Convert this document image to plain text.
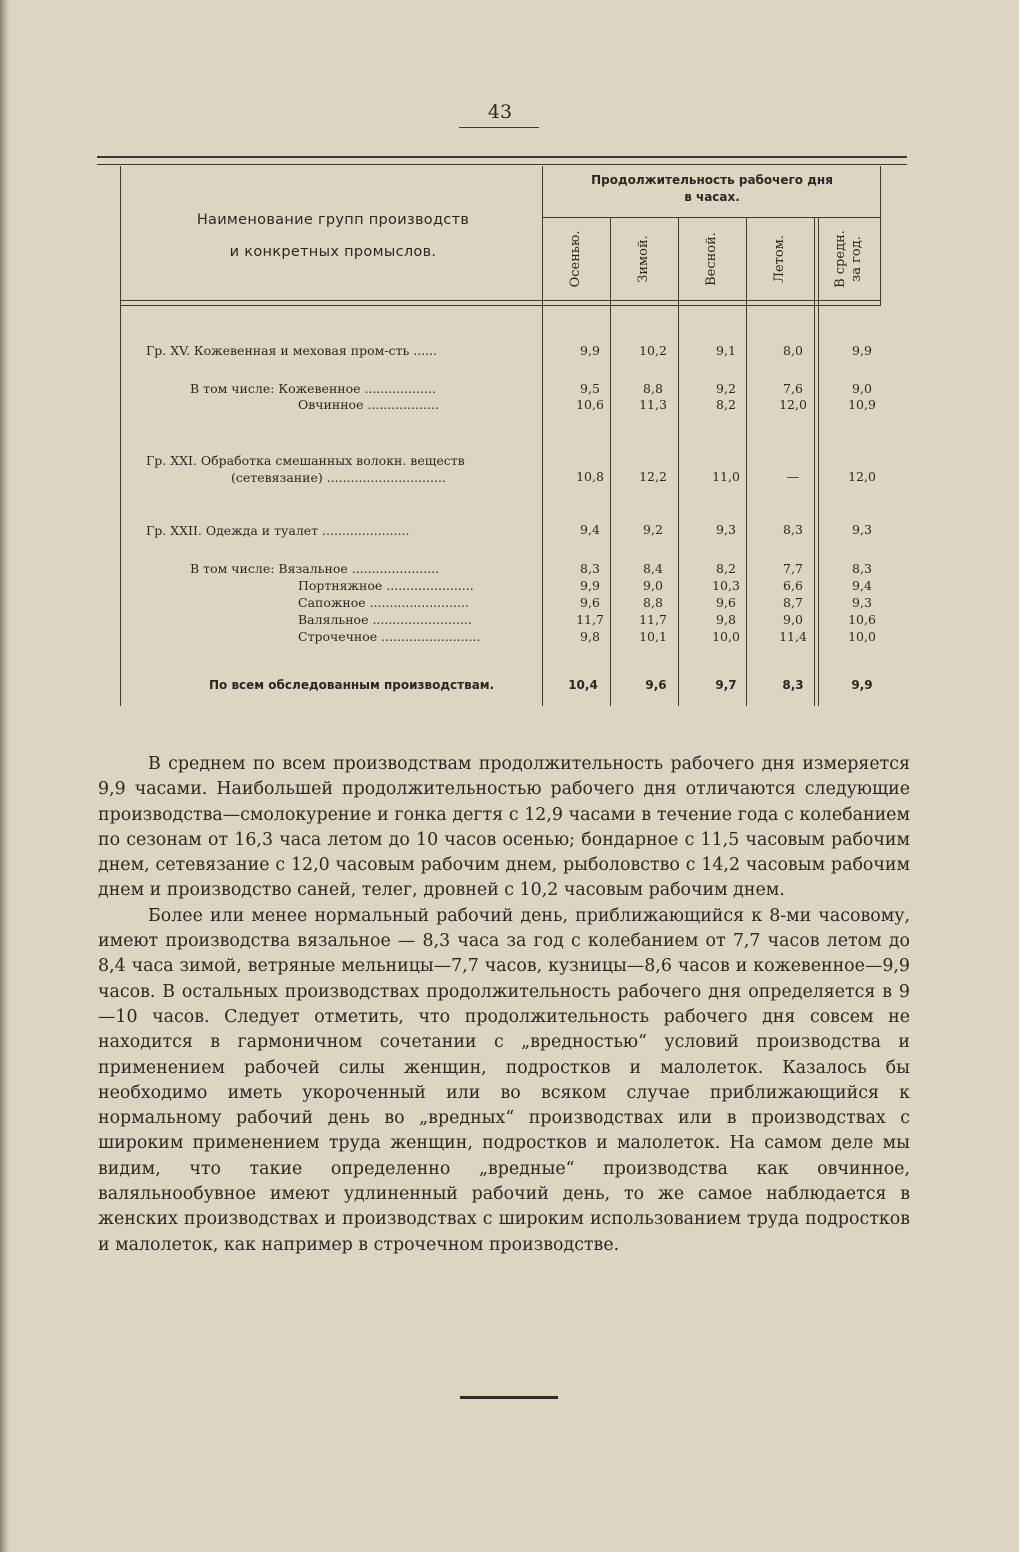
43
Наименование групп производств
и конкретных промыслов.
Продолжительность рабочего дня
в часах.
Осенью.	Зимой.	Весной.	Летом.	В средн. за год.
Гр. XV. Кожевенная и меховая пром-сть ......	9,9	10,2	9,1	8,0	9,9
В том числе: Кожевенное ..................	9,5	8,8	9,2	7,6	9,0
Овчинное ..................	10,6	11,3	8,2	12,0	10,9
Гр. XXI. Обработка смешанных волокн. веществ
(сетевязание) ..............................	10,8	12,2	11,0	—	12,0
Гр. XXII. Одежда и туалет ......................	9,4	9,2	9,3	8,3	9,3
В том числе: Вязальное ......................	8,3	8,4	8,2	7,7	8,3
Портняжное ......................	9,9	9,0	10,3	6,6	9,4
Сапожное .........................	9,6	8,8	9,6	8,7	9,3
Валяльное .........................	11,7	11,7	9,8	9,0	10,6
Строчечное .........................	9,8	10,1	10,0	11,4	10,0
По всем обследованным производствам.	10,4	9,6	9,7	8,3	9,9

В среднем по всем производствам продолжительность рабочего дня измеряется 9,9 часами. Наибольшей продолжительностью рабочего дня отличаются следующие производства—смолокурение и гонка дегтя с 12,9 часами в течение года с колебанием по сезонам от 16,3 часа летом до 10 часов осенью; бондарное с 11,5 часовым рабочим днем, сетевязание с 12,0 часовым рабочим днем, рыболовство с 14,2 часовым рабочим днем и производство саней, телег, дровней с 10,2 часовым рабочим днем.

Более или менее нормальный рабочий день, приближающийся к 8-ми часовому, имеют производства вязальное — 8,3 часа за год с колебанием от 7,7 часов летом до 8,4 часа зимой, ветряные мельницы—7,7 часов, кузницы—8,6 часов и кожевенное—9,9 часов. В остальных производствах продолжительность рабочего дня определяется в 9—10 часов. Следует отметить, что продолжительность рабочего дня совсем не находится в гармоничном сочетании с „вредностью“ условий производства и применением рабочей силы женщин, подростков и малолеток. Казалось бы необходимо иметь укороченный или во всяком случае приближающийся к нормальному рабочий день во „вредных“ производствах или в производствах с широким применением труда женщин, подростков и малолеток. На самом деле мы видим, что такие определенно „вредные“ производства как овчинное, валяльнообувное имеют удлиненный рабочий день, то же самое наблюдается в женских производствах и производствах с широким использованием труда подростков и малолеток, как например в строчечном производстве.
